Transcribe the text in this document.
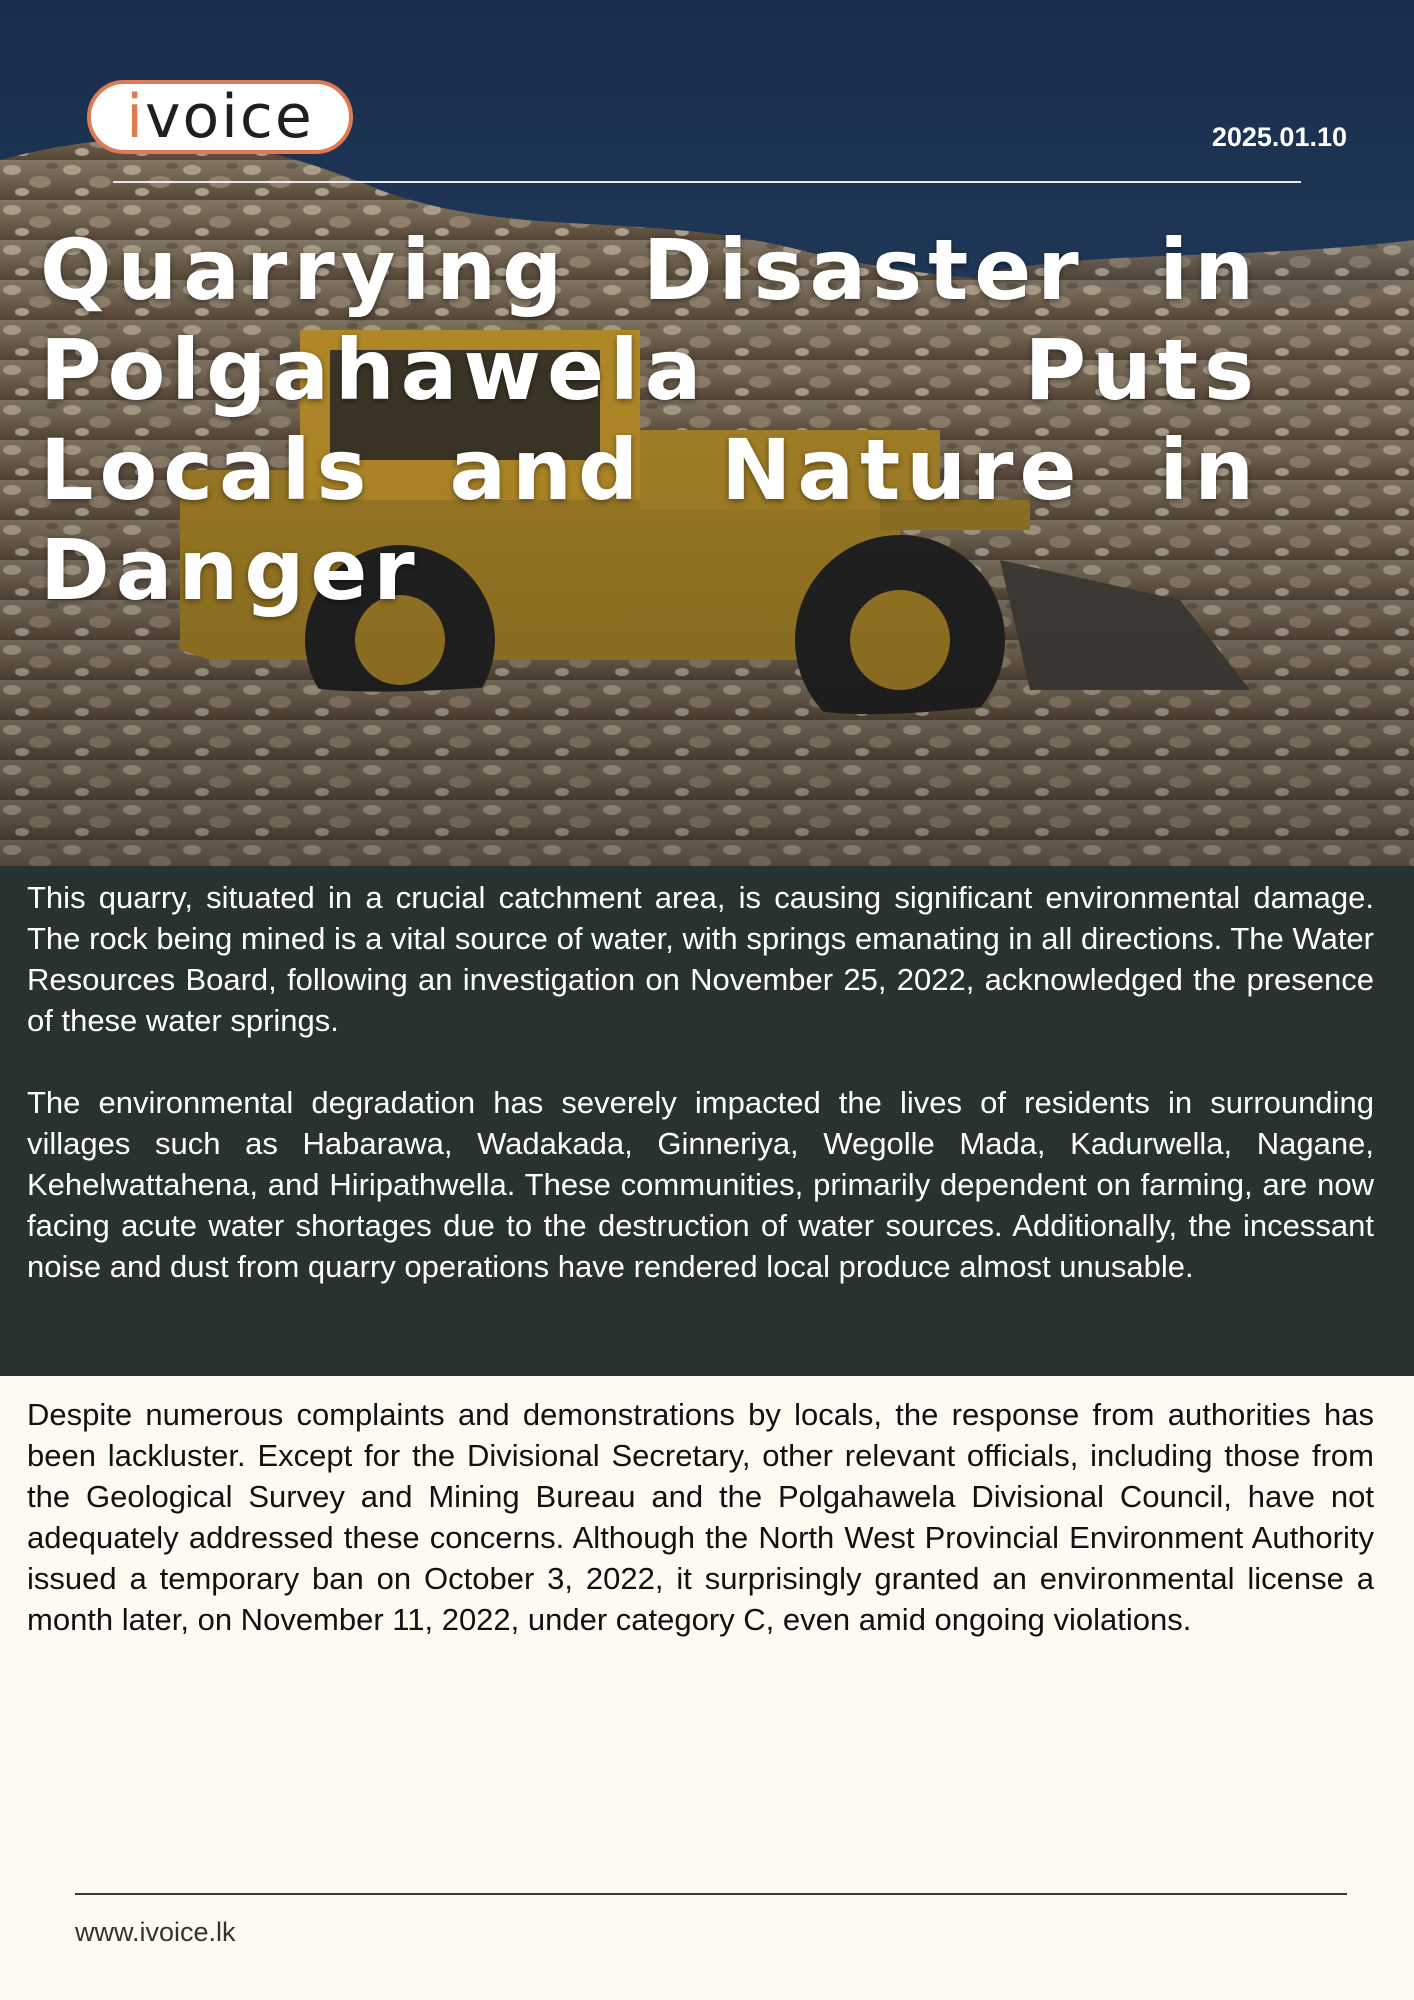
i voice	2025.01.10
Quarrying Disaster in Polgahawela Puts Locals and Nature in Danger

This quarry, situated in a crucial catchment area, is causing significant environmental damage. The rock being mined is a vital source of water, with springs emanating in all directions. The Water Resources Board, following an investigation on November 25, 2022, acknowledged the presence of these water springs.

The environmental degradation has severely impacted the lives of residents in surrounding villages such as Habarawa, Wadakada, Ginneriya, Wegolle Mada, Kadurwella, Nagane, Kehelwattahena, and Hiripathwella. These communities, primarily dependent on farming, are now facing acute water shortages due to the destruction of water sources. Additionally, the incessant noise and dust from quarry operations have rendered local produce almost unusable.

Despite numerous complaints and demonstrations by locals, the response from authorities has been lackluster. Except for the Divisional Secretary, other relevant officials, including those from the Geological Survey and Mining Bureau and the Polgahawela Divisional Council, have not adequately addressed these concerns. Although the North West Provincial Environment Authority issued a temporary ban on October 3, 2022, it surprisingly granted an environmental license a month later, on November 11, 2022, under category C, even amid ongoing violations.

www.ivoice.lk
